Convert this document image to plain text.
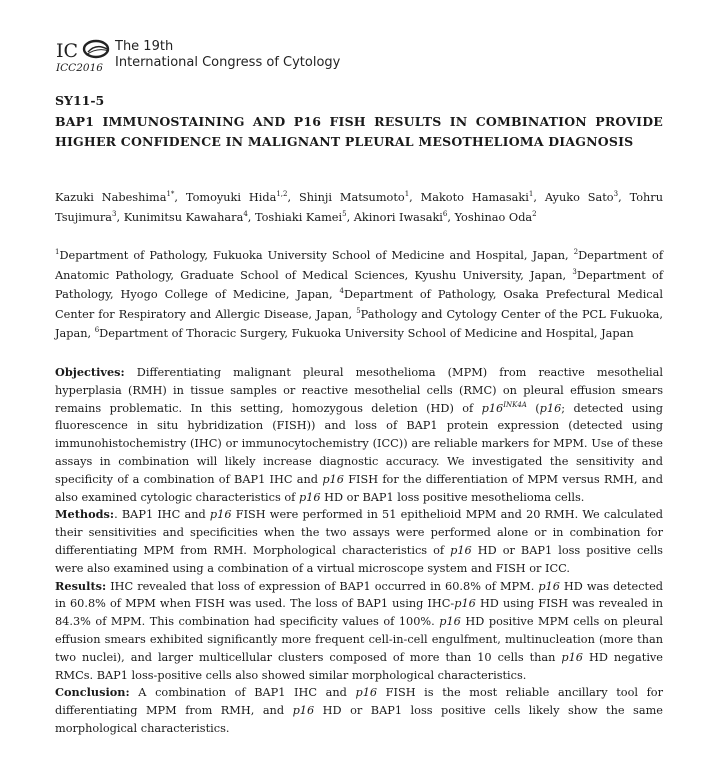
IC
ICC2016
The 19th
International Congress of Cytology
SY11-5
BAP1 IMMUNOSTAINING AND P16 FISH RESULTS IN COMBINATION PROVIDE HIGHER CONFIDENCE IN MALIGNANT PLEURAL MESOTHELIOMA DIAGNOSIS
Kazuki Nabeshima$^{1*}$, Tomoyuki Hida$^{1,2}$, Shinji Matsumoto$^1$, Makoto Hamasaki$^1$, Ayuko Sato$^3$, Tohru Tsujimura$^3$, Kunimitsu Kawahara$^4$, Toshiaki Kamei$^5$, Akinori Iwasaki$^6$, Yoshinao Oda$^2$
$^1$Department of Pathology, Fukuoka University School of Medicine and Hospital, Japan, $^2$Department of Anatomic Pathology, Graduate School of Medical Sciences, Kyushu University, Japan, $^3$Department of Pathology, Hyogo College of Medicine, Japan, $^4$Department of Pathology, Osaka Prefectural Medical Center for Respiratory and Allergic Disease, Japan, $^5$Pathology and Cytology Center of the PCL Fukuoka, Japan, $^6$Department of Thoracic Surgery, Fukuoka University School of Medicine and Hospital, Japan

Objectives: Differentiating malignant pleural mesothelioma (MPM) from reactive mesothelial hyperplasia (RMH) in tissue samples or reactive mesothelial cells (RMC) on pleural effusion smears remains problematic. In this setting, homozygous deletion (HD) of $p16^{INK4A}$ (p16; detected using fluorescence in situ hybridization (FISH)) and loss of BAP1 protein expression (detected using immunohistochemistry (IHC) or immunocytochemistry (ICC)) are reliable markers for MPM. Use of these assays in combination will likely increase diagnostic accuracy. We investigated the sensitivity and specificity of a combination of BAP1 IHC and p16 FISH for the differentiation of MPM versus RMH, and also examined cytologic characteristics of p16 HD or BAP1 loss positive mesothelioma cells.

Methods:. BAP1 IHC and p16 FISH were performed in 51 epithelioid MPM and 20 RMH. We calculated their sensitivities and specificities when the two assays were performed alone or in combination for differentiating MPM from RMH. Morphological characteristics of p16 HD or BAP1 loss positive cells were also examined using a combination of a virtual microscope system and FISH or ICC.

Results: IHC revealed that loss of expression of BAP1 occurred in 60.8% of MPM. p16 HD was detected in 60.8% of MPM when FISH was used. The loss of BAP1 using IHC-p16 HD using FISH was revealed in 84.3% of MPM. This combination had specificity values of 100%. p16 HD positive MPM cells on pleural effusion smears exhibited significantly more frequent cell-in-cell engulfment, multinucleation (more than two nuclei), and larger multicellular clusters composed of more than 10 cells than p16 HD negative RMCs. BAP1 loss-positive cells also showed similar morphological characteristics.

Conclusion: A combination of BAP1 IHC and p16 FISH is the most reliable ancillary tool for differentiating MPM from RMH, and p16 HD or BAP1 loss positive cells likely show the same morphological characteristics.
